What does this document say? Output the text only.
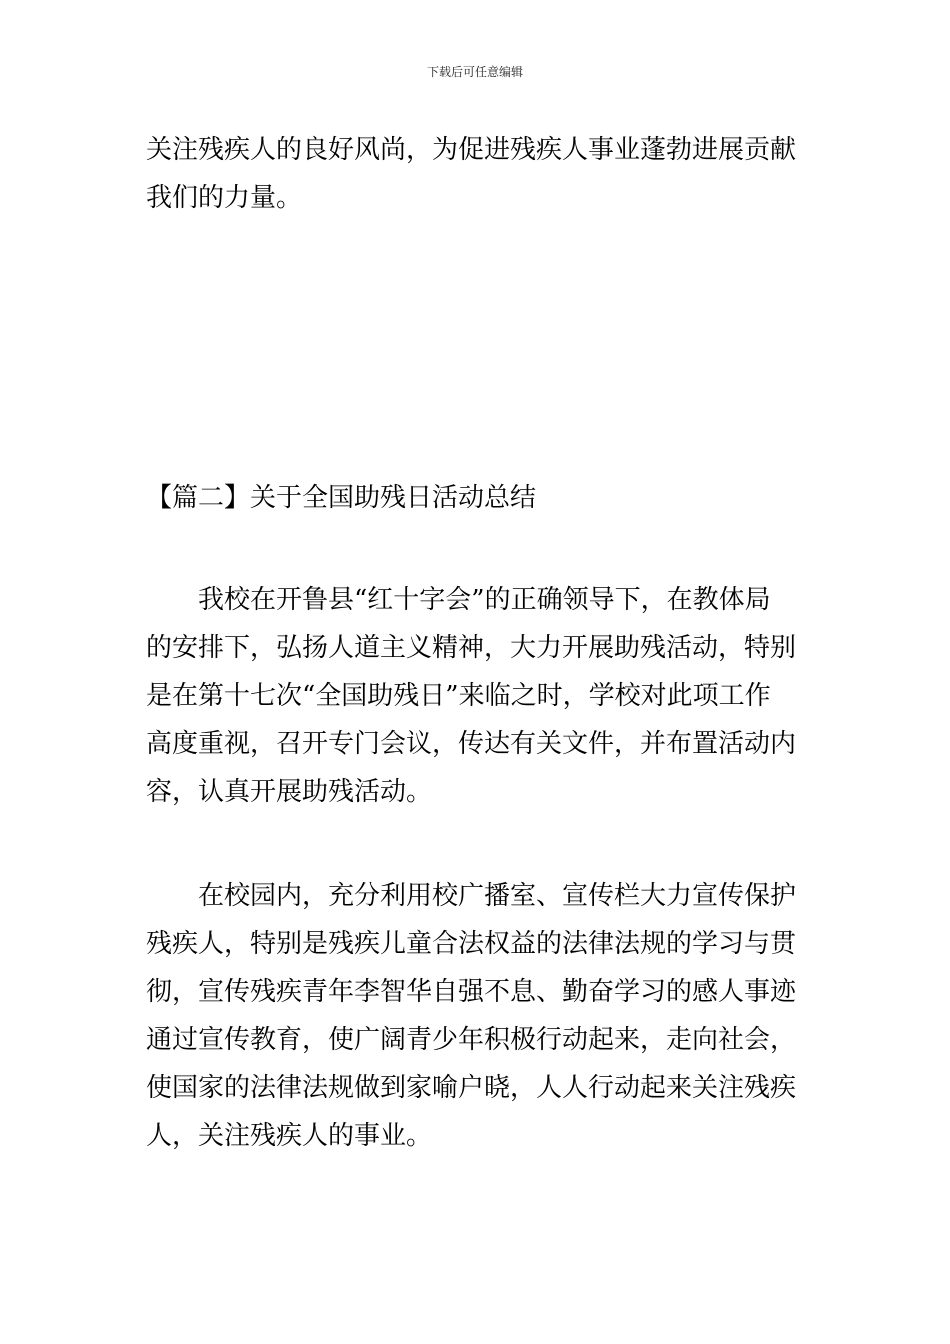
下载后可任意编辑
关注残疾人的良好风尚，为促进残疾人事业蓬勃进展贡献
我们的力量。
【篇二】关于全国助残日活动总结
我校在开鲁县“红十字会”的正确领导下，在教体局
的安排下，弘扬人道主义精神，大力开展助残活动，特别
是在第十七次“全国助残日”来临之时，学校对此项工作
高度重视，召开专门会议，传达有关文件，并布置活动内
容，认真开展助残活动。
在校园内，充分利用校广播室、宣传栏大力宣传保护
残疾人，特别是残疾儿童合法权益的法律法规的学习与贯
彻，宣传残疾青年李智华自强不息、勤奋学习的感人事迹
通过宣传教育，使广阔青少年积极行动起来，走向社会，
使国家的法律法规做到家喻户晓，人人行动起来关注残疾
人，关注残疾人的事业。
